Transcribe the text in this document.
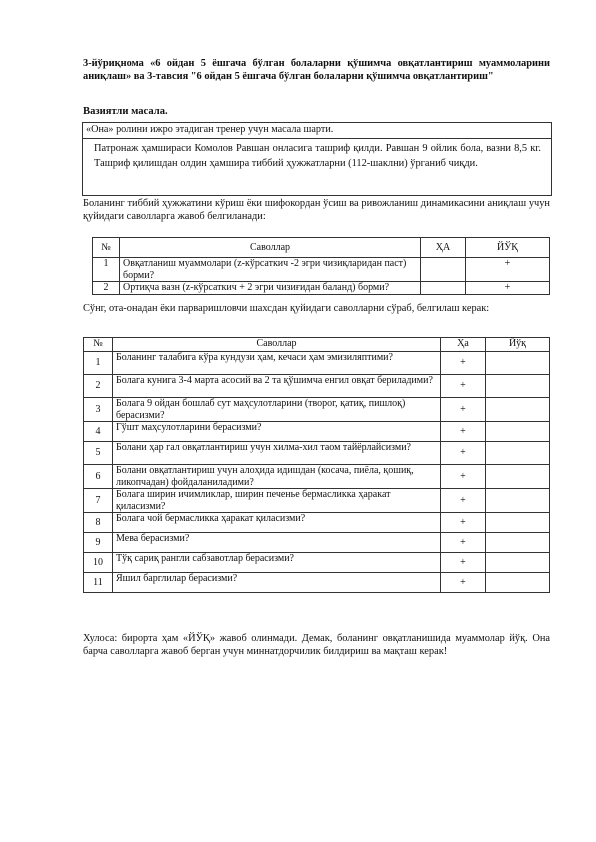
3-йўриқнома «6 ойдан 5 ёшгача бўлган болаларни қўшимча овқатлантириш муаммоларини аниқлаш» ва 3-тавсия "6 ойдан 5 ёшгача бўлган болаларни қўшимча овқатлантириш"
Вазиятли масала.
«Она» ролини ижро этадиган тренер учун масала шарти.
Патронаж ҳамшираси Комолов Равшан онласига ташриф қилди. Равшан 9 ойлик бола, вазни 8,5 кг. Ташриф қилишдан олдин ҳамшира тиббий ҳужжатларни (112-шаклни) ўрганиб чиқди.
Боланинг тиббий ҳужжатини кўриш ёки шифокордан ўсиш ва ривожланиш динамикасини аниқлаш учун қуйидаги саволларга жавоб белгиланади:
№	Саволлар	ҲА	ЙЎҚ
1	Овқатланиш муаммолари (z-кўрсаткич -2 эгри чизиқларидан паст) борми?		+
2	Ортиқча вазн (z-кўрсаткич + 2 эгри чизиғидан баланд) борми?		+
Сўнг, ота-онадан ёки парваришловчи шахсдан қуйидаги саволларни сўраб, белгилаш керак:
№	Саволлар	Ҳа	Йўқ
1	Боланинг талабига кўра кундузи ҳам, кечаси ҳам эмизиляптими?	+	
2	Болага кунига 3-4 марта асосий ва 2 та қўшимча енгил овқат бериладими?	+	
3	Болага 9 ойдан бошлаб сут маҳсулотларини (творог, қатиқ, пишлоқ) берасизми?	+	
4	Гўшт маҳсулотларини берасизми?	+	
5	Болани ҳар гал овқатлантириш учун хилма-хил таом тайёрлайсизми?	+	
6	Болани овқатлантириш учун алоҳида идишдан (косача, пиёла, қошиқ, ликопчадан) фойдаланиладими?	+	
7	Болага ширин ичимликлар, ширин печенье бермасликка ҳаракат қиласизми?	+	
8	Болага чой бермасликка ҳаракат қиласизми?	+	
9	Мева берасизми?	+	
10	Тўқ сариқ рангли сабзавотлар берасизми?	+	
11	Яшил барглилар берасизми?	+	
Хулоса: бирорта ҳам «ЙЎҚ» жавоб олинмади. Демак, боланинг овқатланишида муаммолар йўқ. Она барча саволларга жавоб берган учун миннатдорчилик билдириш ва мақташ керак!
